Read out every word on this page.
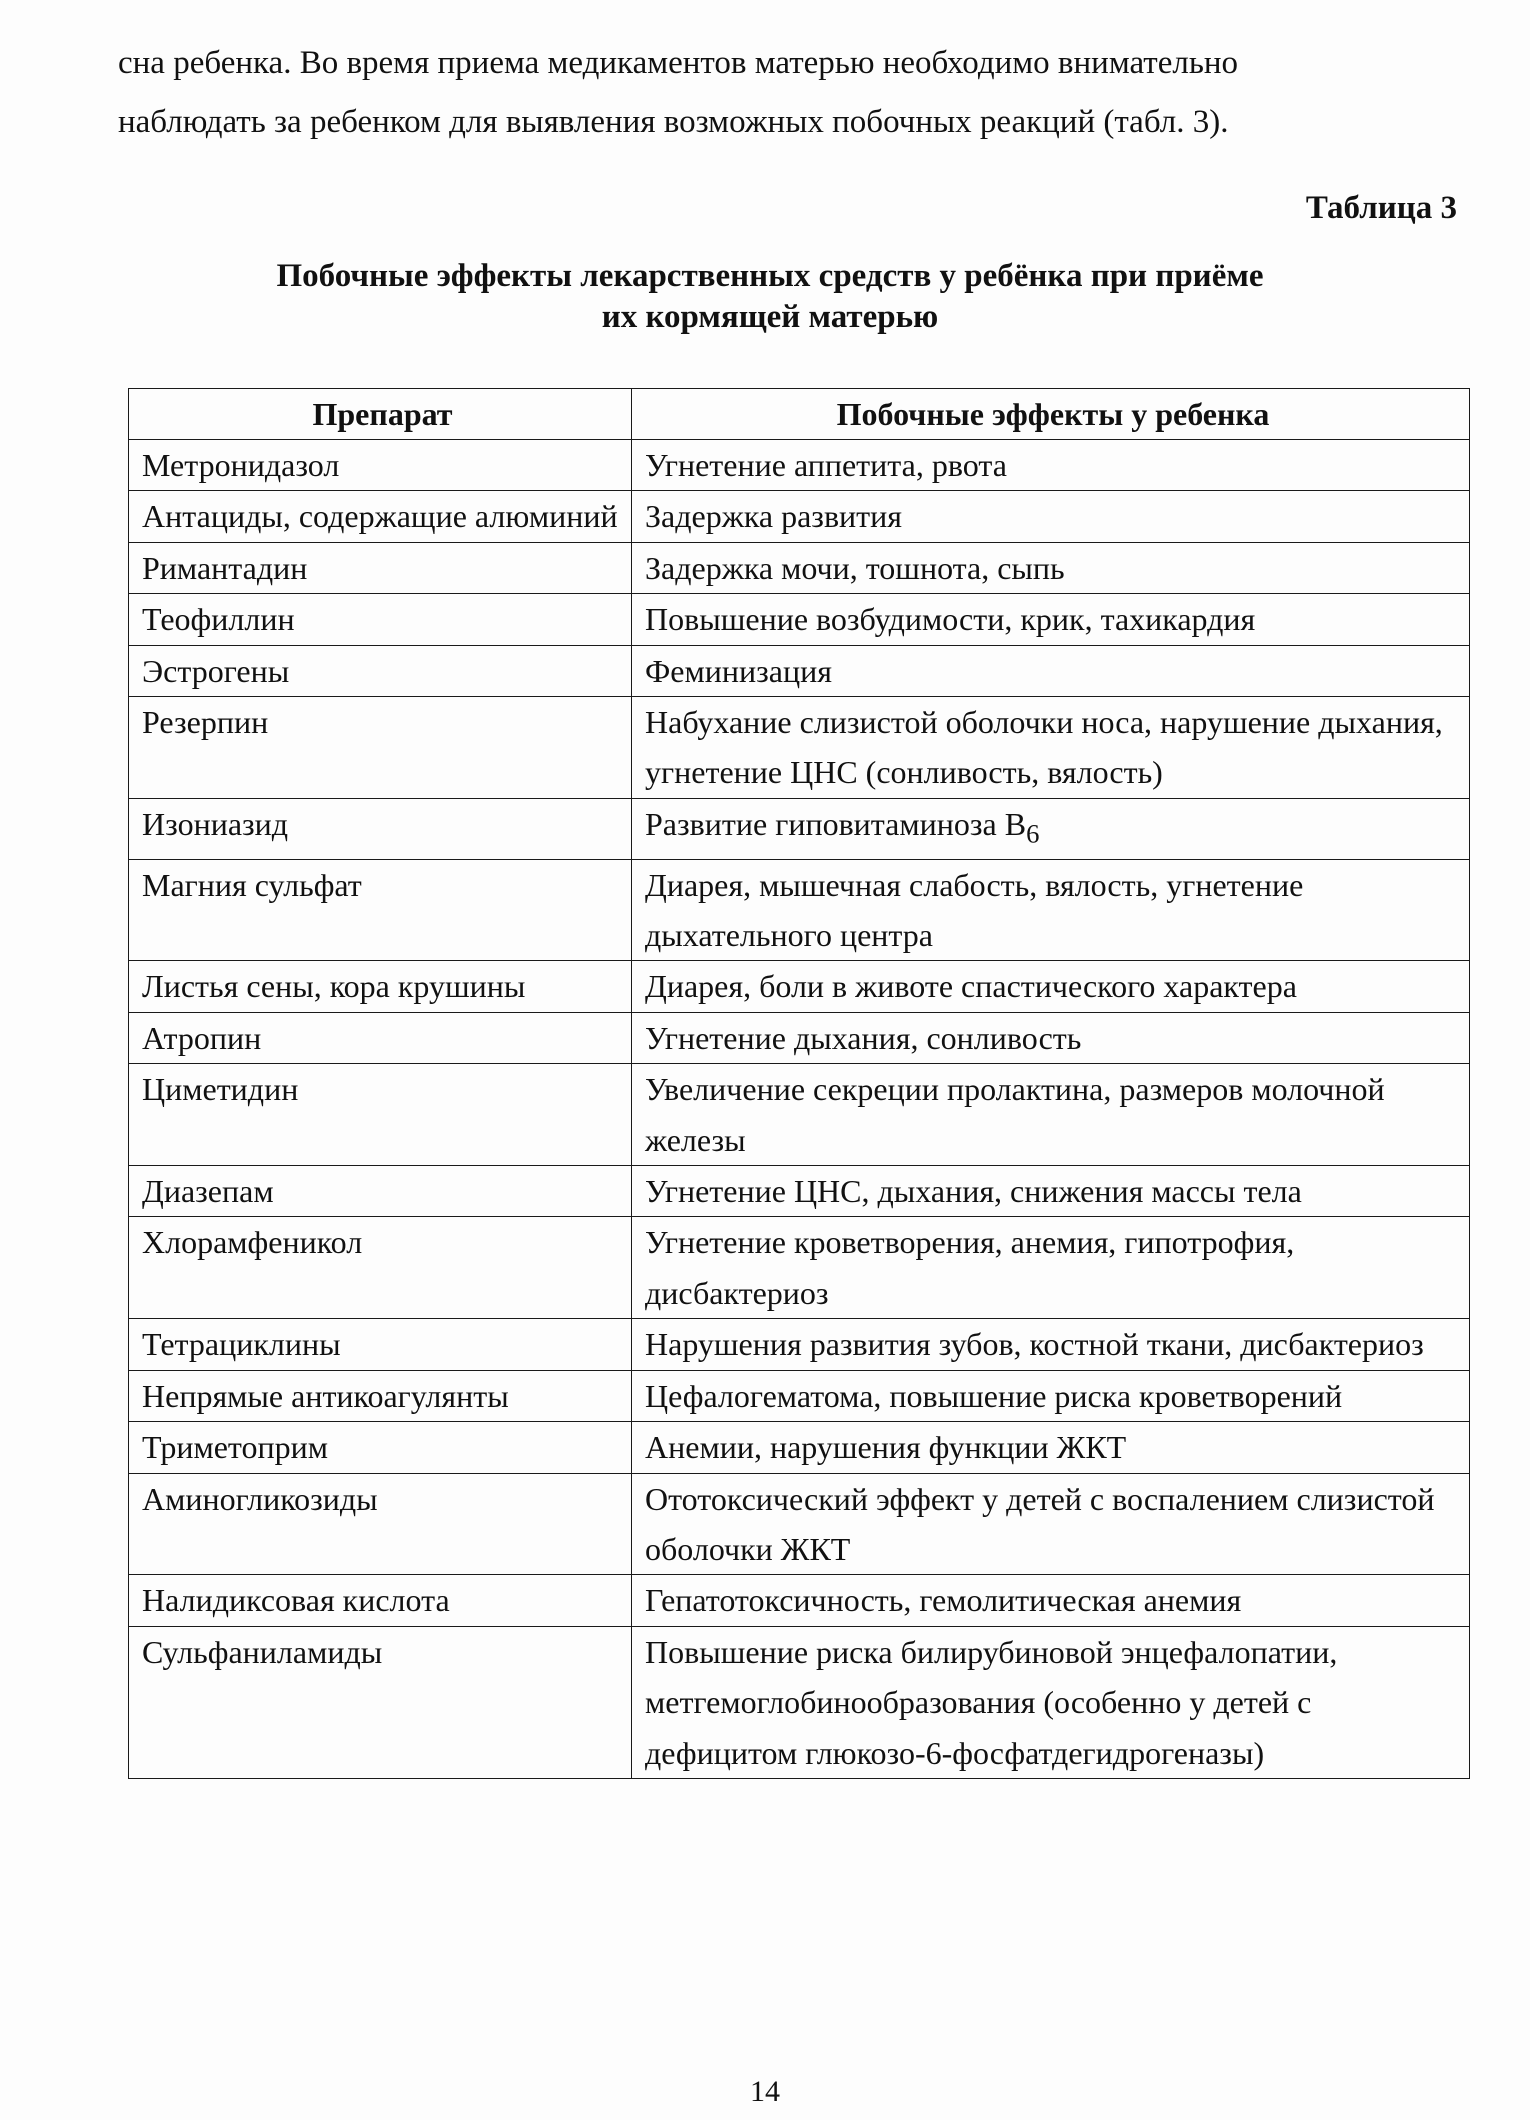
сна ребенка. Во время приема медикаментов матерью необходимо внимательно

наблюдать за ребенком для выявления возможных побочных реакций (табл. 3).

Таблица 3
Побочные эффекты лекарственных средств у ребёнка при приёме
их кормящей матерью
Препарат	Побочные эффекты у ребенка
Метронидазол	Угнетение аппетита, рвота
Антациды, содержащие алюминий	Задержка развития
Римантадин	Задержка мочи, тошнота, сыпь
Теофиллин	Повышение возбудимости, крик, тахикардия
Эстрогены	Феминизация
Резерпин	Набухание слизистой оболочки носа, нарушение дыхания, угнетение ЦНС (сонливость, вялость)
Изониазид	Развитие гиповитаминоза $В_6$
Магния сульфат	Диарея, мышечная слабость, вялость, угнетение дыхательного центра
Листья сены, кора крушины	Диарея, боли в животе спастического характера
Атропин	Угнетение дыхания, сонливость
Циметидин	Увеличение секреции пролактина, размеров молочной железы
Диазепам	Угнетение ЦНС, дыхания, снижения массы тела
Хлорамфеникол	Угнетение кроветворения, анемия, гипотрофия, дисбактериоз
Тетрациклины	Нарушения развития зубов, костной ткани, дисбактериоз
Непрямые антикоагулянты	Цефалогематома, повышение риска кроветворений
Триметоприм	Анемии, нарушения функции ЖКТ
Аминогликозиды	Ототоксический эффект у детей с воспалением слизистой оболочки ЖКТ
Налидиксовая кислота	Гепатотоксичность, гемолитическая анемия
Сульфаниламиды	Повышение риска билирубиновой энцефалопатии, метгемоглобинообразования (особенно у детей с дефицитом глюкозо-6-фосфатдегидрогеназы)
14
